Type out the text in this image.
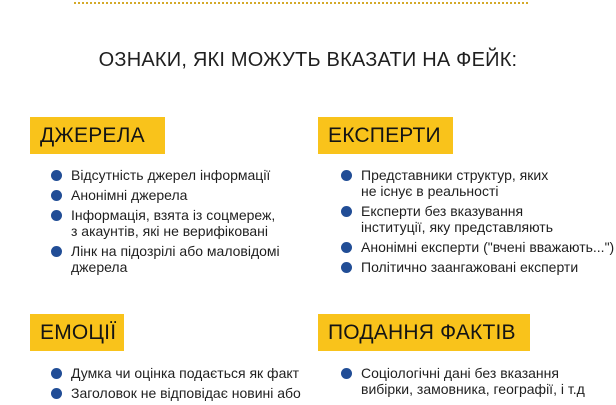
ОЗНАКИ, ЯКІ МОЖУТЬ ВКАЗАТИ НА ФЕЙК:
ДЖЕРЕЛА
Відсутність джерел інформації
Анонімні джерела
Інформація, взята із соцмереж,
з акаунтів, які не верифіковані
Лінк на підозрілі або маловідомі
джерела
ЕКСПЕРТИ
Представники структур, яких
не існує в реальності
Експерти без вказування
інституції, яку представляють
Анонімні експерти ("вчені вважають...")
Політично заангажовані експерти
ЕМОЦІЇ
Думка чи оцінка подається як факт
Заголовок не відповідає новині або
ПОДАННЯ ФАКТІВ
Соціологічні дані без вказання
вибірки, замовника, географії, і т.д
